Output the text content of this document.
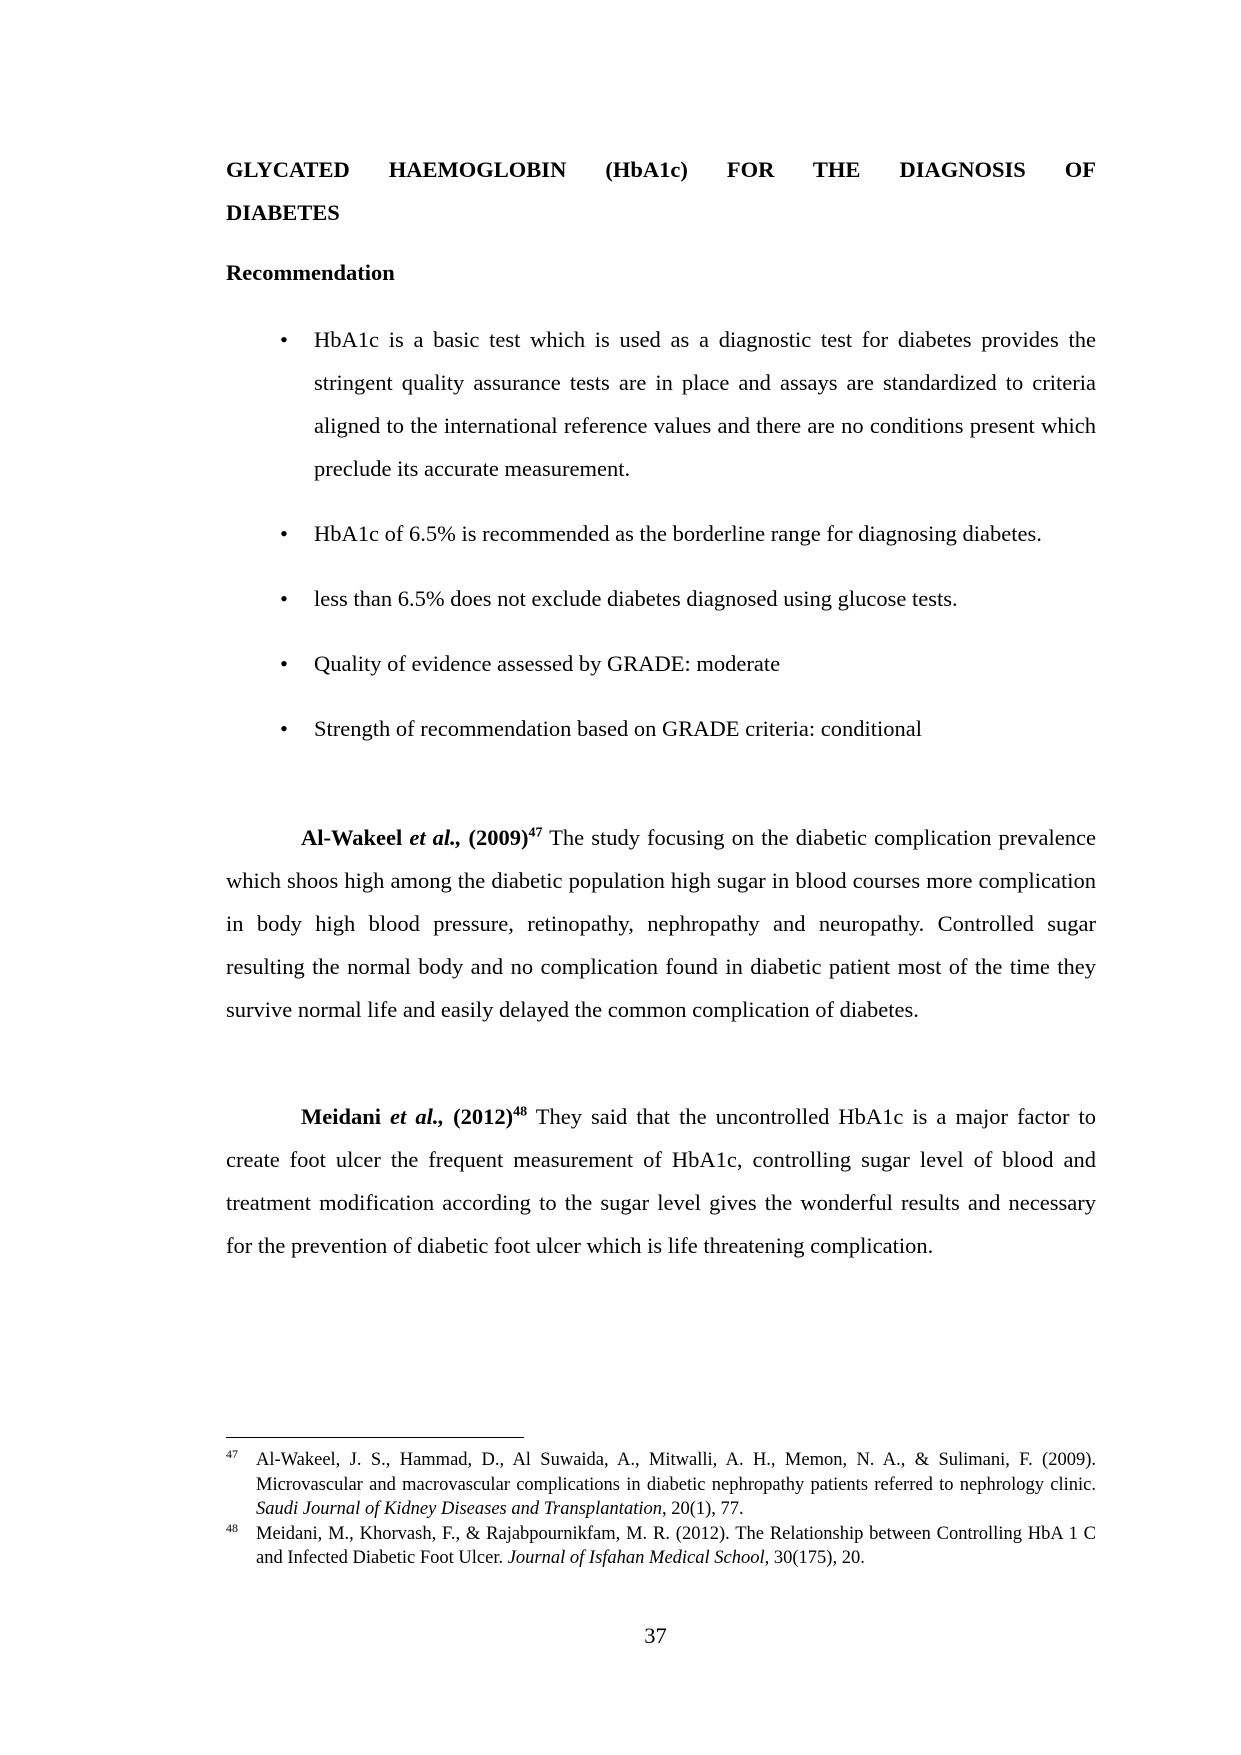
GLYCATED HAEMOGLOBIN (HbA1c) FOR THE DIAGNOSIS OF
DIABETES
Recommendation
• HbA1c is a basic test which is used as a diagnostic test for diabetes provides the stringent quality assurance tests are in place and assays are standardized to criteria aligned to the international reference values and there are no conditions present which preclude its accurate measurement.
• HbA1c of 6.5% is recommended as the borderline range for diagnosing diabetes.
• less than 6.5% does not exclude diabetes diagnosed using glucose tests.
• Quality of evidence assessed by GRADE: moderate
• Strength of recommendation based on GRADE criteria: conditional

Al-Wakeel et al., $(2009)^{47}$ The study focusing on the diabetic complication prevalence which shoos high among the diabetic population high sugar in blood courses more complication in body high blood pressure, retinopathy, nephropathy and neuropathy. Controlled sugar resulting the normal body and no complication found in diabetic patient most of the time they survive normal life and easily delayed the common complication of diabetes.

Meidani et al., $(2012)^{48}$ They said that the uncontrolled HbA1c is a major factor to create foot ulcer the frequent measurement of HbA1c, controlling sugar level of blood and treatment modification according to the sugar level gives the wonderful results and necessary for the prevention of diabetic foot ulcer which is life threatening complication.

47 Al-Wakeel, J. S., Hammad, D., Al Suwaida, A., Mitwalli, A. H., Memon, N. A., & Sulimani, F. (2009). Microvascular and macrovascular complications in diabetic nephropathy patients referred to nephrology clinic. Saudi Journal of Kidney Diseases and Transplantation, 20(1), 77.
48 Meidani, M., Khorvash, F., & Rajabpournikfam, M. R. (2012). The Relationship between Controlling HbA 1 C and Infected Diabetic Foot Ulcer. Journal of Isfahan Medical School, 30(175), 20.
37
